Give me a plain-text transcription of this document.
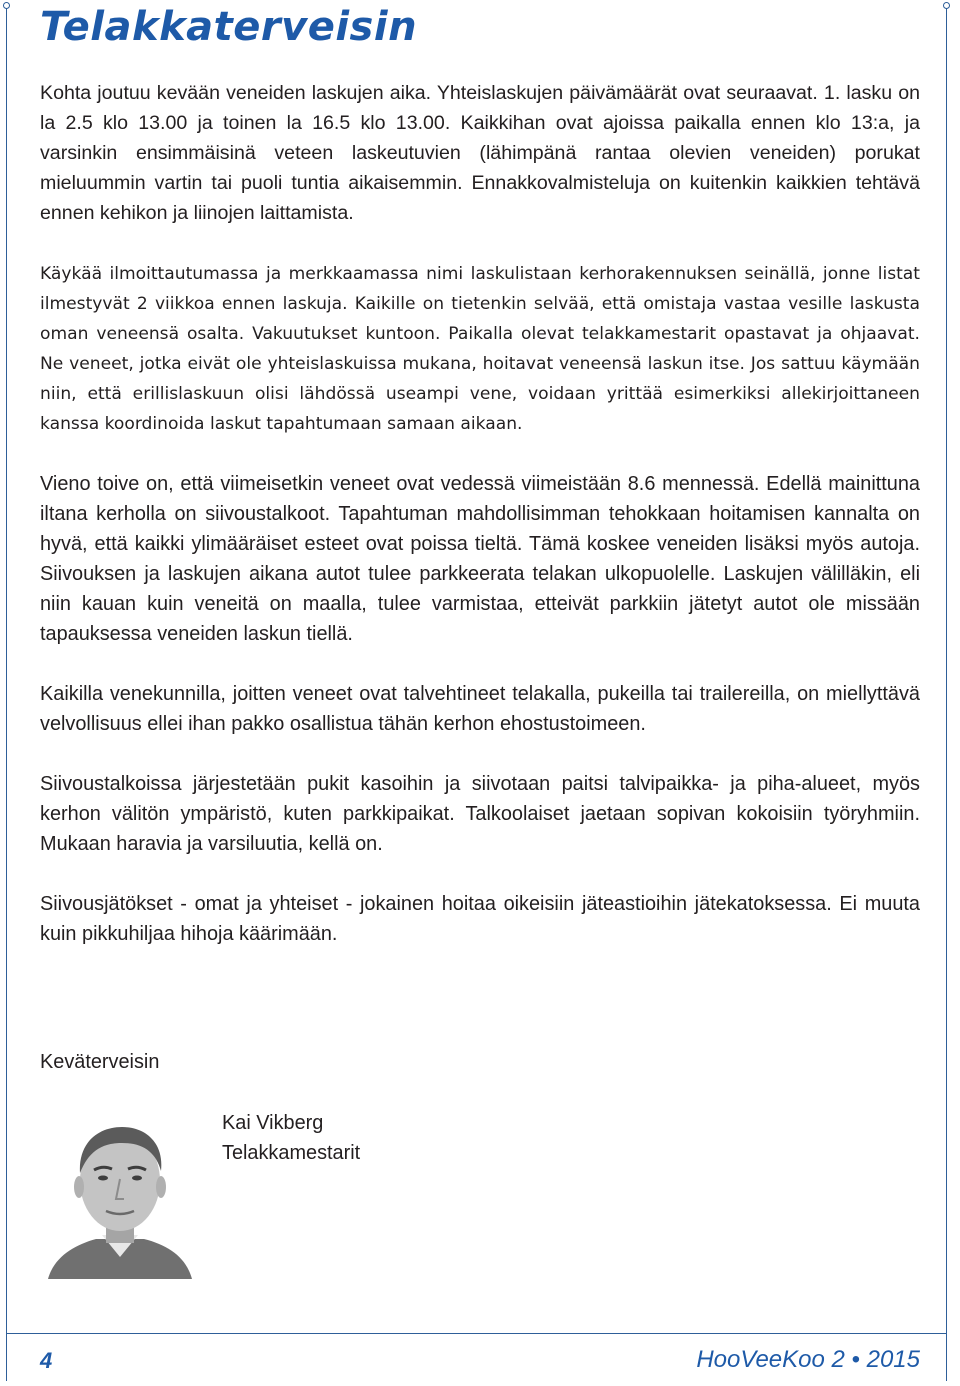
Telakkaterveisin

Kohta joutuu kevään veneiden laskujen aika. Yhteislaskujen päivämäärät ovat seuraavat. 1. lasku on la 2.5 klo 13.00 ja toinen la 16.5 klo 13.00. Kaikkihan ovat ajoissa paikalla ennen klo 13:a, ja varsinkin ensimmäisinä veteen laskeutuvien (lähimpänä rantaa olevien veneiden) porukat mieluummin vartin tai puoli tuntia aikaisemmin. Ennakkovalmisteluja on kuitenkin kaikkien tehtävä ennen kehikon ja liinojen laittamista.

Käykää ilmoittautumassa ja merkkaamassa nimi laskulistaan kerhorakennuksen seinällä, jonne listat ilmestyvät 2 viikkoa ennen laskuja. Kaikille on tietenkin selvää, että omistaja vastaa vesille laskusta oman veneensä osalta. Vakuutukset kuntoon. Paikalla olevat telakkamestarit opastavat ja ohjaavat. Ne veneet, jotka eivät ole yhteislaskuissa mukana, hoitavat veneensä laskun itse. Jos sattuu käymään niin, että erillislaskuun olisi lähdössä useampi vene, voidaan yrittää esimerkiksi allekirjoittaneen kanssa koordinoida laskut tapahtumaan samaan aikaan.

Vieno toive on, että viimeisetkin veneet ovat vedessä viimeistään 8.6 mennessä. Edellä mainittuna iltana kerholla on siivoustalkoot. Tapahtuman mahdollisimman tehokkaan hoitamisen kannalta on hyvä, että kaikki ylimääräiset esteet ovat poissa tieltä. Tämä koskee veneiden lisäksi myös autoja. Siivouksen ja laskujen aikana autot tulee parkkeerata telakan ulkopuolelle. Laskujen välilläkin, eli niin kauan kuin veneitä on maalla, tulee varmistaa, etteivät parkkiin jätetyt autot ole missään tapauksessa veneiden laskun tiellä.

Kaikilla venekunnilla, joitten veneet ovat talvehtineet telakalla, pukeilla tai trailereilla, on miellyttävä velvollisuus ellei ihan pakko osallistua tähän kerhon ehostustoimeen.

Siivoustalkoissa järjestetään pukit kasoihin ja siivotaan paitsi talvipaikka- ja piha-alueet, myös kerhon välitön ympäristö, kuten parkkipaikat. Talkoolaiset jaetaan sopivan kokoisiin työryhmiin. Mukaan haravia ja varsiluutia, kellä on.

Siivousjätökset - omat ja yhteiset - jokainen hoitaa oikeisiin jäteastioihin jätekatoksessa. Ei muuta kuin pikkuhiljaa hihoja käärimään.

Keväterveisin

Kai Vikberg
Telakkamestarit
4	HooVeeKoo 2 • 2015
